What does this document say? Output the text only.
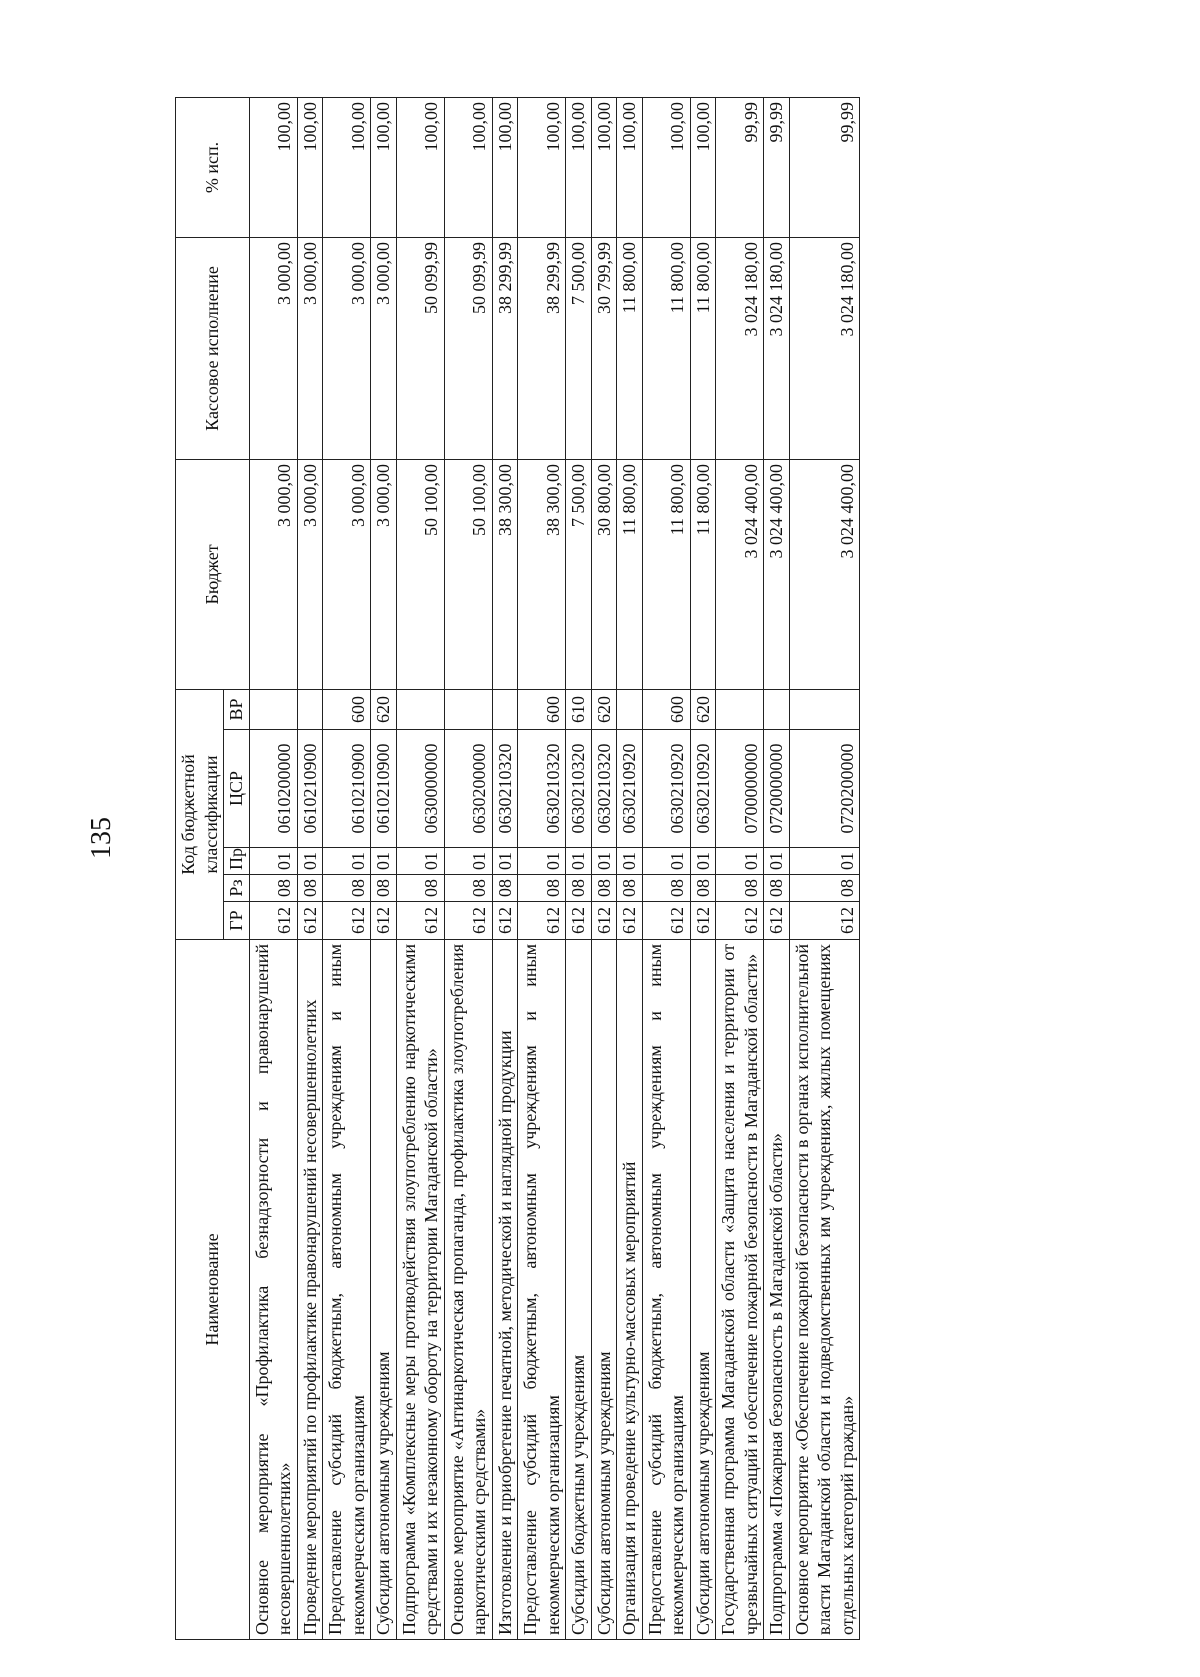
135
Наименование	Код бюджетной классификации					Бюджет	Кассовое исполнение	% исп.
	ГР	Рз	Пр	ЦСР	ВР			
Основное мероприятие «Профилактика безнадзорности и правонарушений несовершеннолетних»	612	08	01	0610200000		3 000,00	3 000,00	100,00
Проведение мероприятий по профилактике правонарушений несовершеннолетних	612	08	01	0610210900		3 000,00	3 000,00	100,00
Предоставление субсидий бюджетным, автономным учреждениям и иным некоммерческим организациям	612	08	01	0610210900	600	3 000,00	3 000,00	100,00
Субсидии автономным учреждениям	612	08	01	0610210900	620	3 000,00	3 000,00	100,00
Подпрограмма «Комплексные меры противодействия злоупотреблению наркотическими средствами и их незаконному обороту на территории Магаданской области»	612	08	01	0630000000		50 100,00	50 099,99	100,00
Основное мероприятие «Антинаркотическая пропаганда, профилактика злоупотребления наркотическими средствами»	612	08	01	0630200000		50 100,00	50 099,99	100,00
Изготовление и приобретение печатной, методической и наглядной продукции	612	08	01	0630210320		38 300,00	38 299,99	100,00
Предоставление субсидий бюджетным, автономным учреждениям и иным некоммерческим организациям	612	08	01	0630210320	600	38 300,00	38 299,99	100,00
Субсидии бюджетным учреждениям	612	08	01	0630210320	610	7 500,00	7 500,00	100,00
Субсидии автономным учреждениям	612	08	01	0630210320	620	30 800,00	30 799,99	100,00
Организация и проведение культурно-массовых мероприятий	612	08	01	0630210920		11 800,00	11 800,00	100,00
Предоставление субсидий бюджетным, автономным учреждениям и иным некоммерческим организациям	612	08	01	0630210920	600	11 800,00	11 800,00	100,00
Субсидии автономным учреждениям	612	08	01	0630210920	620	11 800,00	11 800,00	100,00
Государственная программа Магаданской области «Защита населения и территории от чрезвычайных ситуаций и обеспечение пожарной безопасности в Магаданской области»	612	08	01	0700000000		3 024 400,00	3 024 180,00	99,99
Подпрограмма «Пожарная безопасность в Магаданской области»	612	08	01	0720000000		3 024 400,00	3 024 180,00	99,99
Основное мероприятие «Обеспечение пожарной безопасности в органах исполнительной власти Магаданской области и подведомственных им учреждениях, жилых помещениях отдельных категорий граждан»	612	08	01	0720200000		3 024 400,00	3 024 180,00	99,99
